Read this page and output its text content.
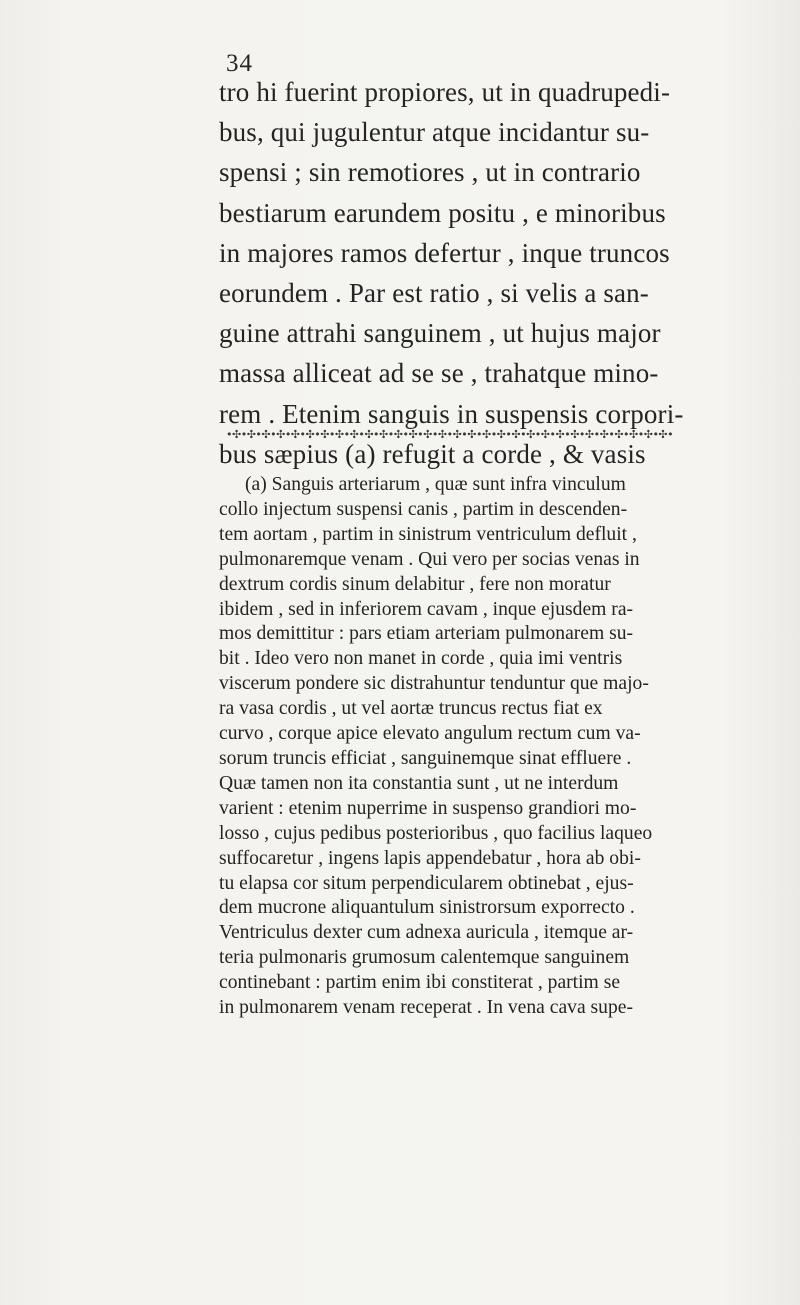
34

tro hi fuerint propiores, ut in quadrupedi-
bus, qui jugulentur atque incidantur su-
spensi ; sin remotiores , ut in contrario
bestiarum earundem positu , e minoribus
in majores ramos defertur , inque truncos
eorundem . Par est ratio , si velis a san-
guine attrahi sanguinem , ut hujus major
massa alliceat ad se se , trahatque mino-
rem . Etenim sanguis in suspensis corpori-
bus sæpius (a) refugit a corde , & vasis
•✣•✣•✣•✣•✣•✣•✣•✣•✣•✣•✣•✣•✣•✣•✣•✣•✣•✣•✣•✣•✣•✣•✣•✣•✣•✣•✣•✣•✣•✣•
(a) Sanguis arteriarum , quæ sunt infra vinculum
collo injectum suspensi canis , partim in descenden-
tem aortam , partim in sinistrum ventriculum defluit ,
pulmonaremque venam . Qui vero per socias venas in
dextrum cordis sinum delabitur , fere non moratur
ibidem , sed in inferiorem cavam , inque ejusdem ra-
mos demittitur : pars etiam arteriam pulmonarem su-
bit . Ideo vero non manet in corde , quia imi ventris
viscerum pondere sic distrahuntur tenduntur que majo-
ra vasa cordis , ut vel aortæ truncus rectus fiat ex
curvo , corque apice elevato angulum rectum cum va-
sorum truncis efficiat , sanguinemque sinat effluere .
Quæ tamen non ita constantia sunt , ut ne interdum
varient : etenim nuperrime in suspenso grandiori mo-
losso , cujus pedibus posterioribus , quo facilius laqueo
suffocaretur , ingens lapis appendebatur , hora ab obi-
tu elapsa cor situm perpendicularem obtinebat , ejus-
dem mucrone aliquantulum sinistrorsum exporrecto .
Ventriculus dexter cum adnexa auricula , itemque ar-
teria pulmonaris grumosum calentemque sanguinem
continebant : partim enim ibi constiterat , partim se
in pulmonarem venam receperat . In vena cava supe-
